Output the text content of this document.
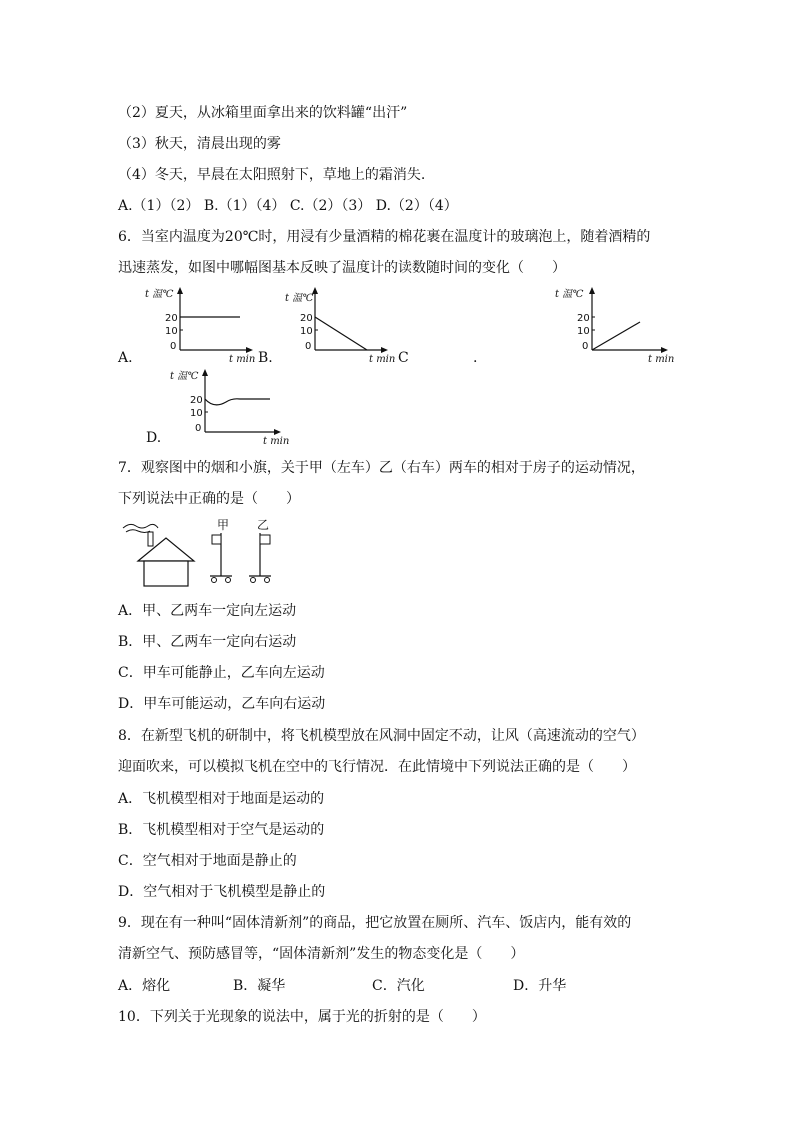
（2）夏天，从冰箱里面拿出来的饮料罐“出汗”
（3）秋天，清晨出现的雾
（4）冬天，早晨在太阳照射下，草地上的霜消失.
A.（1）（2） B.（1）（4） C.（2）（3） D.（2）（4）
6．当室内温度为20℃时，用浸有少量酒精的棉花裹在温度计的玻璃泡上，随着酒精的
迅速蒸发，如图中哪幅图基本反映了温度计的读数随时间的变化（　　）
t 温℃
20
10
0
t min
A.	B.
t 温℃
20
10
0
t min C	.
t 温℃
20
10
0
t min
t 温℃
20
10
0
t min
D.
7．观察图中的烟和小旗，关于甲（左车）乙（右车）两车的相对于房子的运动情况，
下列说法中正确的是（　　）
甲 乙
A．甲、乙两车一定向左运动
B．甲、乙两车一定向右运动
C．甲车可能静止，乙车向左运动
D．甲车可能运动，乙车向右运动
8．在新型飞机的研制中，将飞机模型放在风洞中固定不动，让风（高速流动的空气）
迎面吹来，可以模拟飞机在空中的飞行情况．在此情境中下列说法正确的是（　　）
A．飞机模型相对于地面是运动的
B．飞机模型相对于空气是运动的
C．空气相对于地面是静止的
D．空气相对于飞机模型是静止的
9．现在有一种叫“固体清新剂”的商品，把它放置在厕所、汽车、饭店内，能有效的
清新空气、预防感冒等，“固体清新剂”发生的物态变化是（　　）
A．熔化	B．凝华	C．汽化	D．升华
10．下列关于光现象的说法中，属于光的折射的是（　　）
